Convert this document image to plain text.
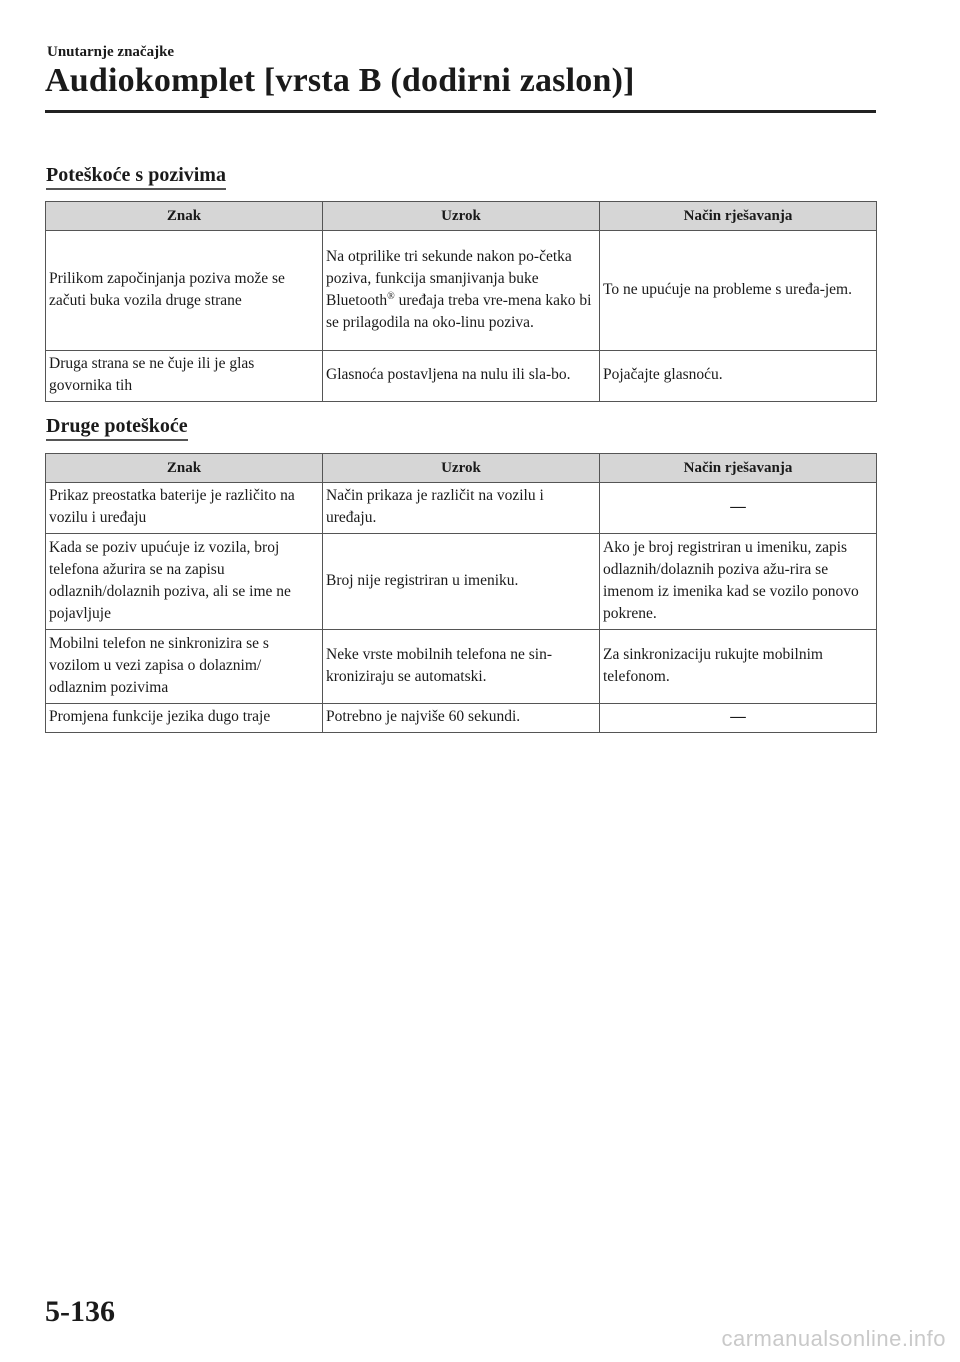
Unutarnje značajke
Audiokomplet [vrsta B (dodirni zaslon)]
Poteškoće s pozivima
Znak	Uzrok	Način rješavanja
Prilikom započinjanja poziva može se začuti buka vozila druge strane	Na otprilike tri sekunde nakon po-četka poziva, funkcija smanjivanja buke Bluetooth® uređaja treba vre-mena kako bi se prilagodila na oko-linu poziva.	To ne upućuje na probleme s uređa-jem.
Druga strana se ne čuje ili je glas govornika tih	Glasnoća postavljena na nulu ili sla-bo.	Pojačajte glasnoću.
Druge poteškoće
Znak	Uzrok	Način rješavanja
Prikaz preostatka baterije je različito na vozilu i uređaju	Način prikaza je različit na vozilu i uređaju.	—
Kada se poziv upućuje iz vozila, broj telefona ažurira se na zapisu odlaznih/dolaznih poziva, ali se ime ne pojavljuje	Broj nije registriran u imeniku.	Ako je broj registriran u imeniku, zapis odlaznih/dolaznih poziva ažu-rira se imenom iz imenika kad se vozilo ponovo pokrene.
Mobilni telefon ne sinkronizira se s vozilom u vezi zapisa o dolaznim/ odlaznim pozivima	Neke vrste mobilnih telefona ne sin-kroniziraju se automatski.	Za sinkronizaciju rukujte mobilnim telefonom.
Promjena funkcije jezika dugo traje	Potrebno je najviše 60 sekundi.	—
5-136
carmanualsonline.info
